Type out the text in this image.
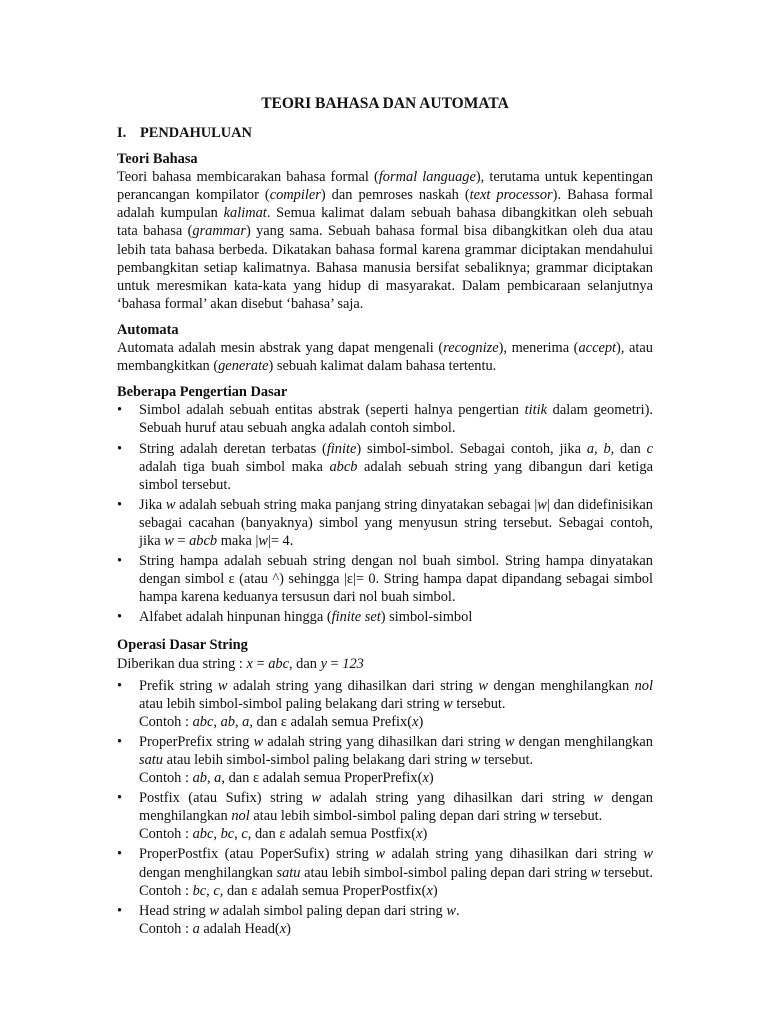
TEORI BAHASA DAN AUTOMATA
I. PENDAHULUAN
Teori Bahasa

Teori bahasa membicarakan bahasa formal (formal language), terutama untuk kepentingan perancangan kompilator (compiler) dan pemroses naskah (text processor). Bahasa formal adalah kumpulan kalimat. Semua kalimat dalam sebuah bahasa dibangkitkan oleh sebuah tata bahasa (grammar) yang sama. Sebuah bahasa formal bisa dibangkitkan oleh dua atau lebih tata bahasa berbeda. Dikatakan bahasa formal karena grammar diciptakan mendahului pembangkitan setiap kalimatnya. Bahasa manusia bersifat sebaliknya; grammar diciptakan untuk meresmikan kata-kata yang hidup di masyarakat. Dalam pembicaraan selanjutnya ‘bahasa formal’ akan disebut ‘bahasa’ saja.

Automata

Automata adalah mesin abstrak yang dapat mengenali (recognize), menerima (accept), atau membangkitkan (generate) sebuah kalimat dalam bahasa tertentu.

Beberapa Pengertian Dasar
•	Simbol adalah sebuah entitas abstrak (seperti halnya pengertian titik dalam geometri). Sebuah huruf atau sebuah angka adalah contoh simbol.
•	String adalah deretan terbatas (finite) simbol-simbol. Sebagai contoh, jika a, b, dan c adalah tiga buah simbol maka abcb adalah sebuah string yang dibangun dari ketiga simbol tersebut.
•	Jika w adalah sebuah string maka panjang string dinyatakan sebagai |w| dan didefinisikan sebagai cacahan (banyaknya) simbol yang menyusun string tersebut. Sebagai contoh, jika w = abcb maka |w|= 4.
•	String hampa adalah sebuah string dengan nol buah simbol. String hampa dinyatakan dengan simbol ε (atau ^) sehingga |ε|= 0. String hampa dapat dipandang sebagai simbol hampa karena keduanya tersusun dari nol buah simbol.
•	Alfabet adalah hinpunan hingga (finite set) simbol-simbol
Operasi Dasar String

Diberikan dua string : x = abc, dan y = 123

•	Prefik string w adalah string yang dihasilkan dari string w dengan menghilangkan nol atau lebih simbol-simbol paling belakang dari string w tersebut.
Contoh : abc, ab, a, dan ε adalah semua Prefix(x)
•	ProperPrefix string w adalah string yang dihasilkan dari string w dengan menghilangkan satu atau lebih simbol-simbol paling belakang dari string w tersebut.
Contoh : ab, a, dan ε adalah semua ProperPrefix(x)
•	Postfix (atau Sufix) string w adalah string yang dihasilkan dari string w dengan menghilangkan nol atau lebih simbol-simbol paling depan dari string w tersebut.
Contoh : abc, bc, c, dan ε adalah semua Postfix(x)
•	ProperPostfix (atau PoperSufix) string w adalah string yang dihasilkan dari string w dengan menghilangkan satu atau lebih simbol-simbol paling depan dari string w tersebut.
Contoh : bc, c, dan ε adalah semua ProperPostfix(x)
•	Head string w adalah simbol paling depan dari string w.
Contoh : a adalah Head(x)
